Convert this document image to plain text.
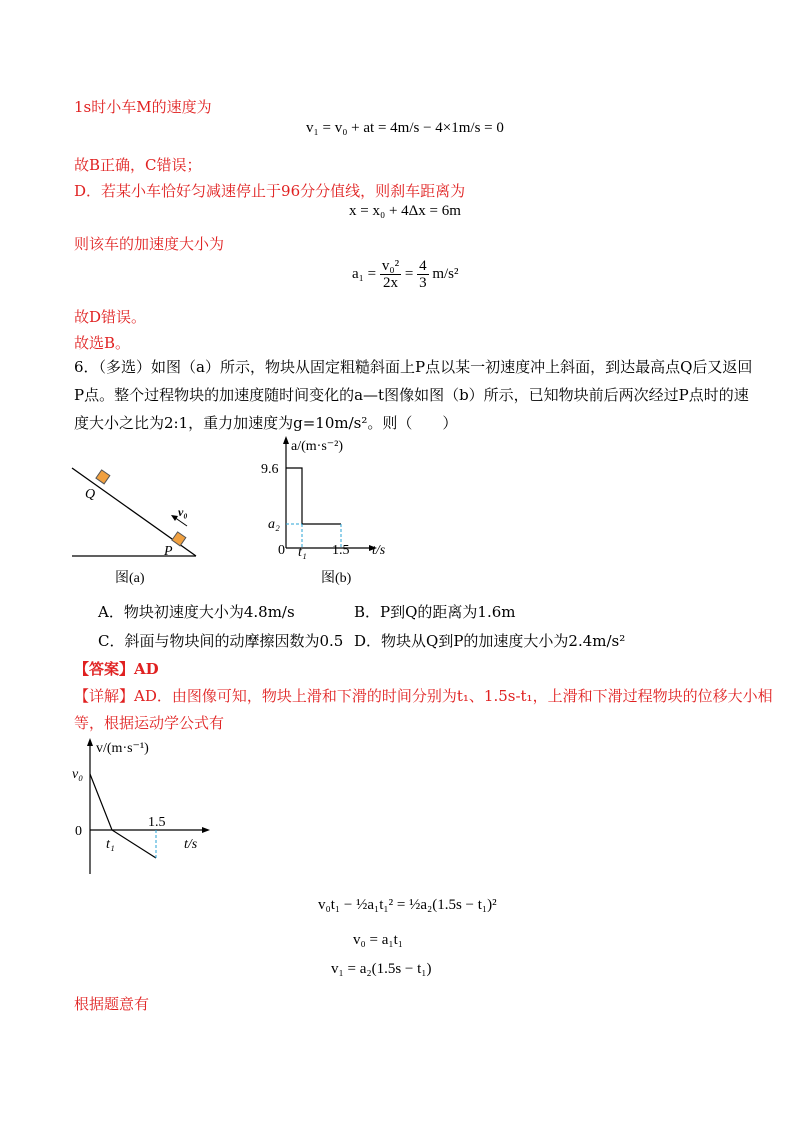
1s时小车M的速度为
v₁ = v₀ + at = 4m/s − 4×1m/s = 0
故B正确，C错误；
D．若某小车恰好匀减速停止于96分分值线，则刹车距离为
x = x₀ + 4Δx = 6m
则该车的加速度大小为
$a_1 = \frac{\text{v₀²}}{2x} = \frac{4}{3} m/s^2$
故D错误。
故选B。
6．（多选）如图（a）所示，物块从固定粗糙斜面上P点以某一初速度冲上斜面，到达最高点Q后又返回
P点。整个过程物块的加速度随时间变化的a—t图像如图（b）所示，已知物块前后两次经过P点时的速
度大小之比为2:1，重力加速度为g=10m/s²。则（　　）
Q
P
v₀
图(a)
a/(m·s⁻²)
9.6
a₂
0 t₁ 1.5 t/s
图(b)
A．物块初速度大小为4.8m/s	B．P到Q的距离为1.6m
C．斜面与物块间的动摩擦因数为0.5 D．物块从Q到P的加速度大小为2.4m/s²
【答案】AD
【详解】AD．由图像可知，物块上滑和下滑的时间分别为t₁、1.5s-t₁，上滑和下滑过程物块的位移大小相
等，根据运动学公式有
v/(m·s⁻¹)
v₀
0
t₁
1.5
t/s
v₀t₁ − ½a₁t₁² = ½a₂(1.5s − t₁)²
v₀ = a₁t₁
v₁ = a₂(1.5s − t₁)
根据题意有
